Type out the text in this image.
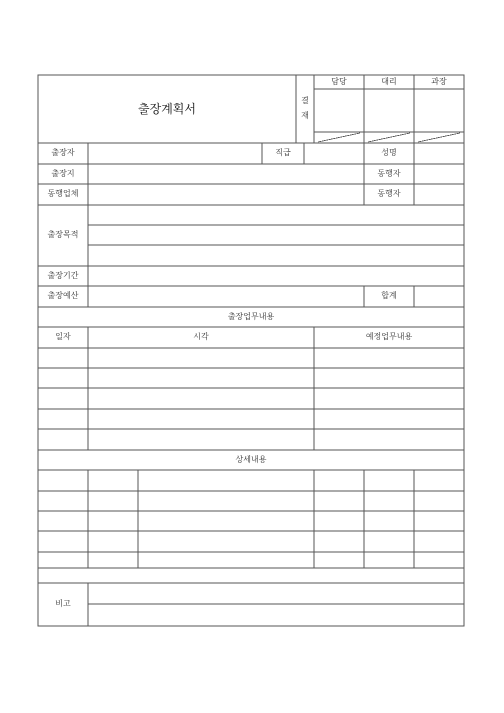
출장계획서
결
재
담당	대리	과장
출장자	직급	성명
출장지	동행자
동행업체	동행자
출장목적
출장기간
출장예산	합계
출장업무내용
일자	시각	예정업무내용
상세내용
비고
